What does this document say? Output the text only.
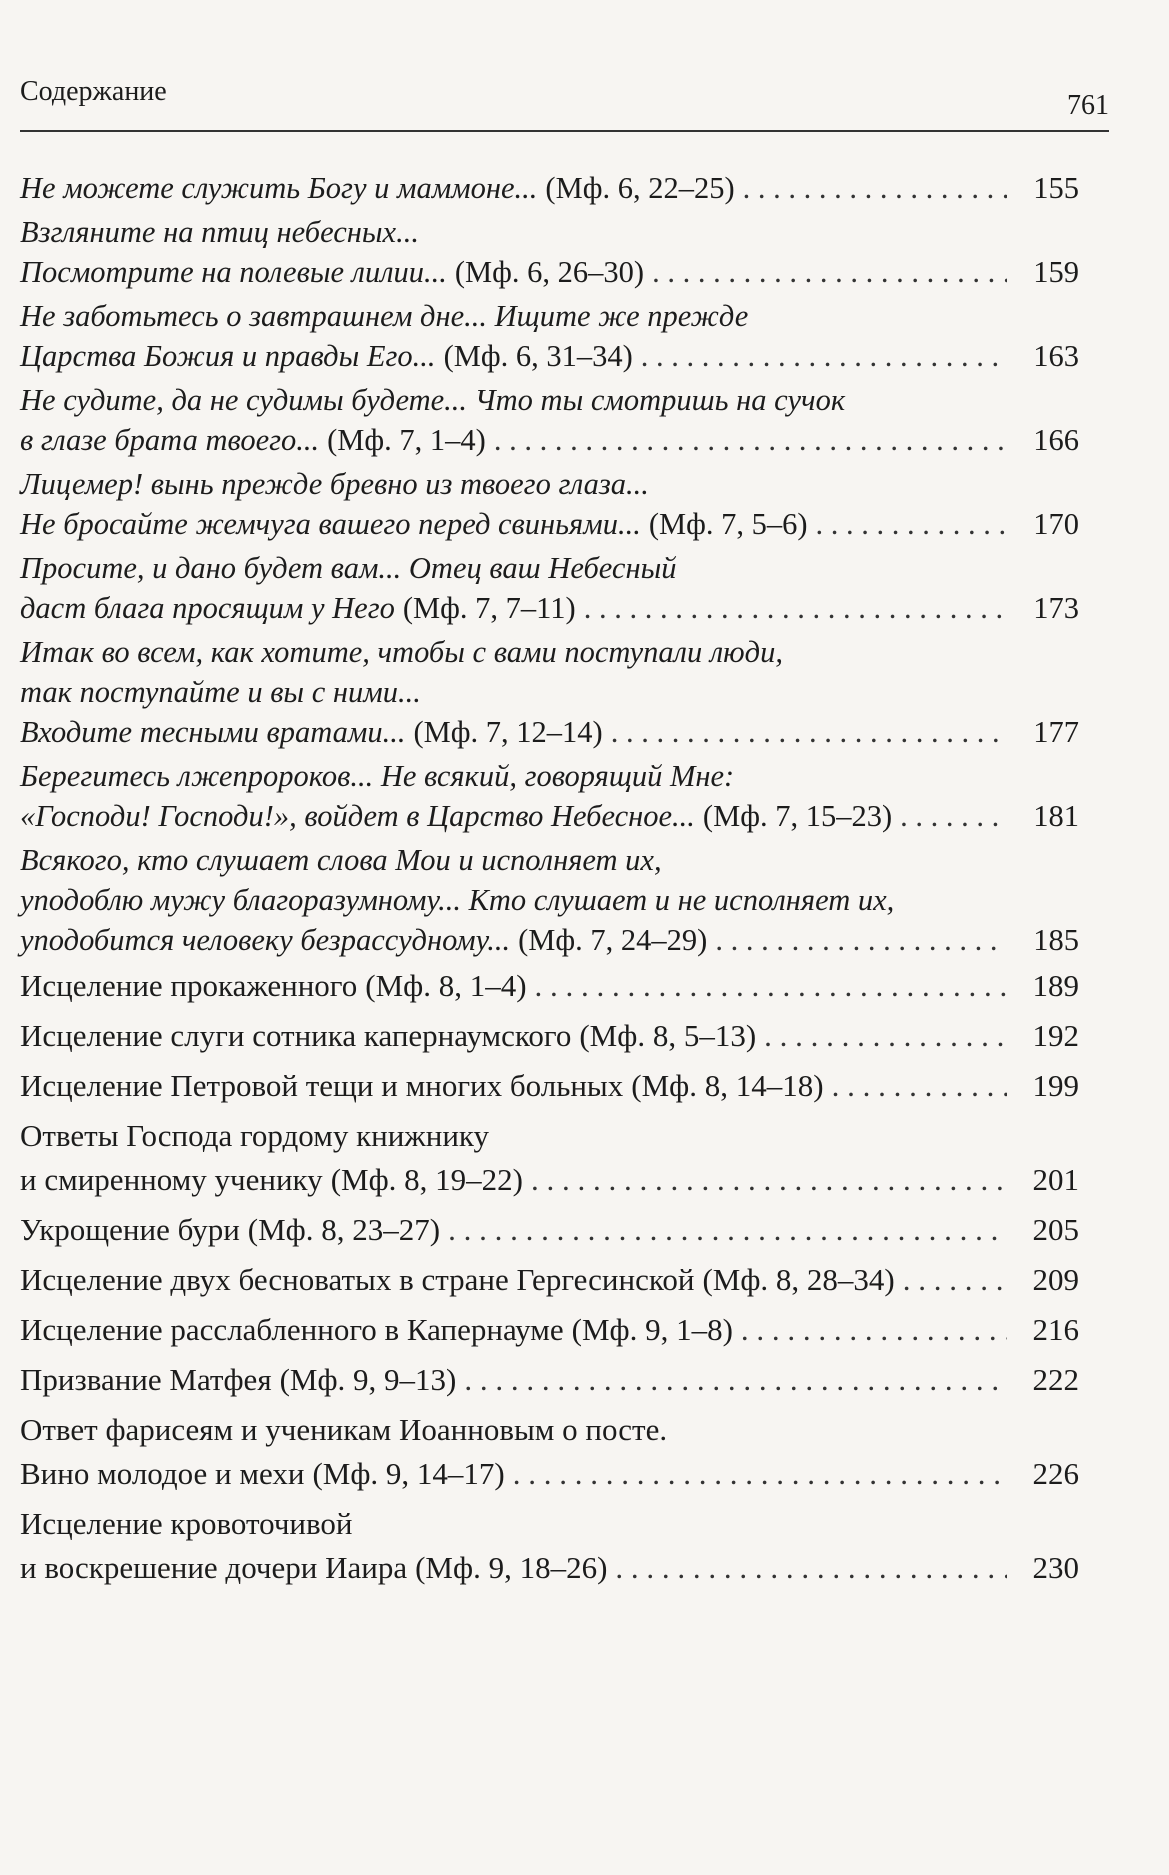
Содержание	761
Не можете служить Богу и маммоне... (Мф. 6, 22–25) . . .	155
Взгляните на птиц небесных...
Посмотрите на полевые лилии... (Мф. 6, 26–30) . . .	159
Не заботьтесь о завтрашнем дне... Ищите же прежде
Царства Божия и правды Его... (Мф. 6, 31–34) . . .	163
Не судите, да не судимы будете... Что ты смотришь на сучок
в глазе брата твоего... (Мф. 7, 1–4) . . .	166
Лицемер! вынь прежде бревно из твоего глаза...
Не бросайте жемчуга вашего перед свиньями... (Мф. 7, 5–6) . . .	170
Просите, и дано будет вам... Отец ваш Небесный
даст блага просящим у Него (Мф. 7, 7–11) . . .	173
Итак во всем, как хотите, чтобы с вами поступали люди,
так поступайте и вы с ними...
Входите тесными вратами... (Мф. 7, 12–14) . . .	177
Берегитесь лжепророков... Не всякий, говорящий Мне:
«Господи! Господи!», войдет в Царство Небесное... (Мф. 7, 15–23) . . .	181
Всякого, кто слушает слова Мои и исполняет их,
уподоблю мужу благоразумному... Кто слушает и не исполняет их,
уподобится человеку безрассудному... (Мф. 7, 24–29) . . .	185
Исцеление прокаженного (Мф. 8, 1–4) . . .	189
Исцеление слуги сотника капернаумского (Мф. 8, 5–13) . . .	192
Исцеление Петровой тещи и многих больных (Мф. 8, 14–18) . . .	199
Ответы Господа гордому книжнику
и смиренному ученику (Мф. 8, 19–22) . . .	201
Укрощение бури (Мф. 8, 23–27) . . .	205
Исцеление двух бесноватых в стране Гергесинской (Мф. 8, 28–34) . . .	209
Исцеление расслабленного в Капернауме (Мф. 9, 1–8) . . .	216
Призвание Матфея (Мф. 9, 9–13) . . .	222
Ответ фарисеям и ученикам Иоанновым о посте.
Вино молодое и мехи (Мф. 9, 14–17) . . .	226
Исцеление кровоточивой
и воскрешение дочери Иаира (Мф. 9, 18–26) . . .	230
